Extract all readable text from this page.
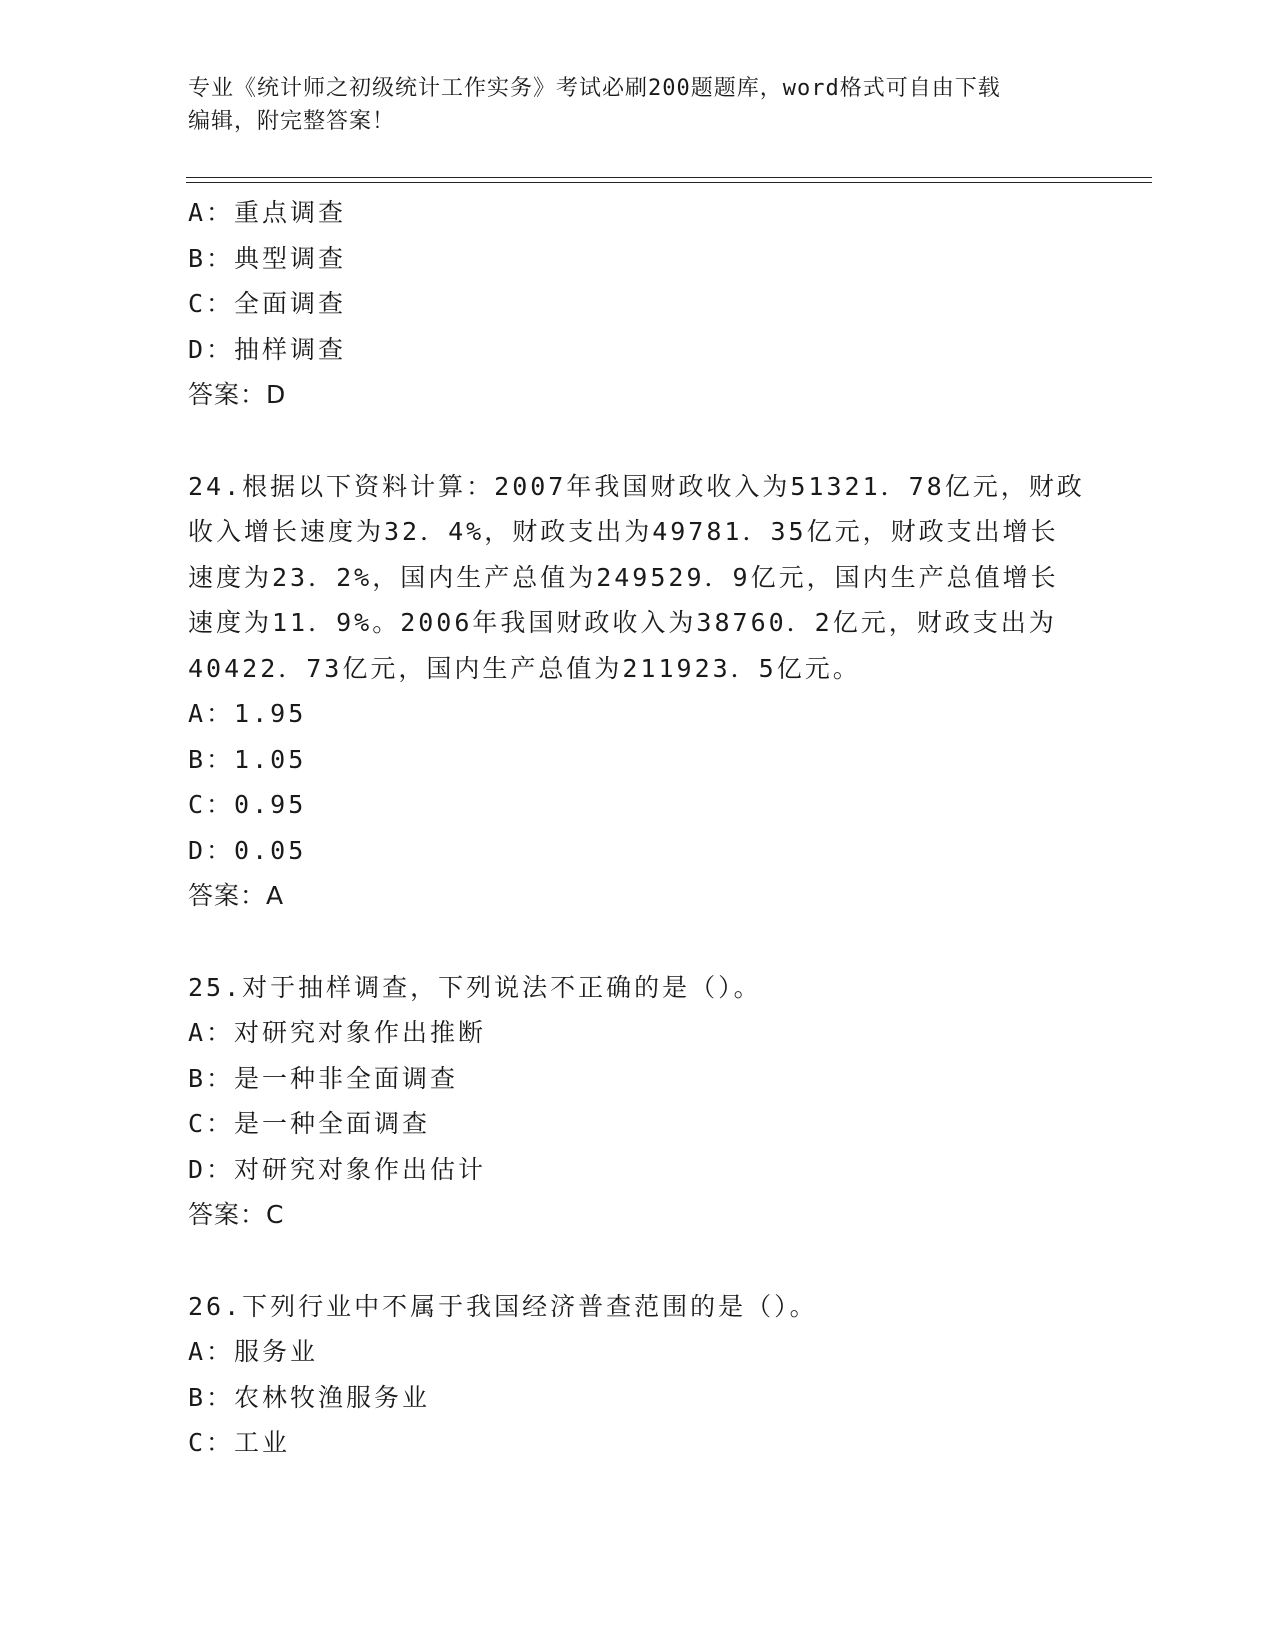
专业《统计师之初级统计工作实务》考试必刷200题题库，word格式可自由下载
编辑，附完整答案！
A：重点调查
B：典型调查
C：全面调查
D：抽样调查
答案：D
24.根据以下资料计算：2007年我国财政收入为51321．78亿元，财政
收入增长速度为32．4%，财政支出为49781．35亿元，财政支出增长
速度为23．2%，国内生产总值为249529．9亿元，国内生产总值增长
速度为11．9%。2006年我国财政收入为38760．2亿元，财政支出为
40422．73亿元，国内生产总值为211923．5亿元。
A：1.95
B：1.05
C：0.95
D：0.05
答案：A
25.对于抽样调查，下列说法不正确的是（）。
A：对研究对象作出推断
B：是一种非全面调查
C：是一种全面调查
D：对研究对象作出估计
答案：C
26.下列行业中不属于我国经济普查范围的是（）。
A：服务业
B：农林牧渔服务业
C：工业
